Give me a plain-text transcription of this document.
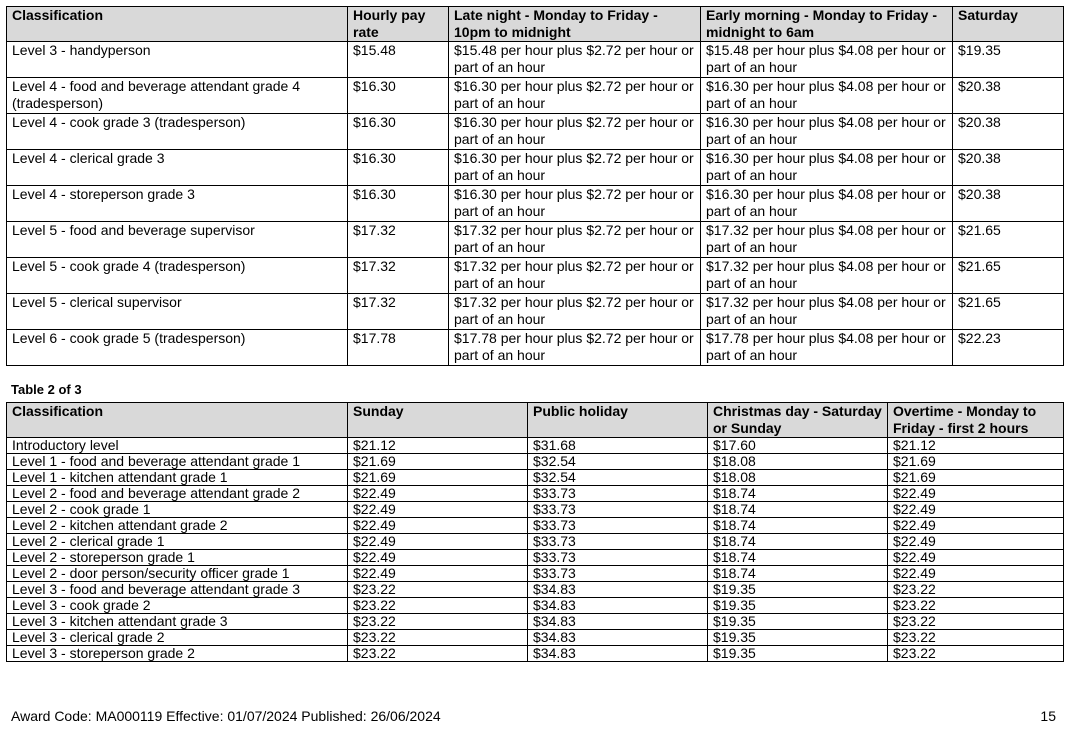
Classification	Hourly pay rate	Late night - Monday to Friday - 10pm to midnight	Early morning - Monday to Friday - midnight to 6am	Saturday
Level 3 - handyperson	$15.48	$15.48 per hour plus $2.72 per hour or part of an hour	$15.48 per hour plus $4.08 per hour or part of an hour	$19.35
Level 4 - food and beverage attendant grade 4 (tradesperson)	$16.30	$16.30 per hour plus $2.72 per hour or part of an hour	$16.30 per hour plus $4.08 per hour or part of an hour	$20.38
Level 4 - cook grade 3 (tradesperson)	$16.30	$16.30 per hour plus $2.72 per hour or part of an hour	$16.30 per hour plus $4.08 per hour or part of an hour	$20.38
Level 4 - clerical grade 3	$16.30	$16.30 per hour plus $2.72 per hour or part of an hour	$16.30 per hour plus $4.08 per hour or part of an hour	$20.38
Level 4 - storeperson grade 3	$16.30	$16.30 per hour plus $2.72 per hour or part of an hour	$16.30 per hour plus $4.08 per hour or part of an hour	$20.38
Level 5 - food and beverage supervisor	$17.32	$17.32 per hour plus $2.72 per hour or part of an hour	$17.32 per hour plus $4.08 per hour or part of an hour	$21.65
Level 5 - cook grade 4 (tradesperson)	$17.32	$17.32 per hour plus $2.72 per hour or part of an hour	$17.32 per hour plus $4.08 per hour or part of an hour	$21.65
Level 5 - clerical supervisor	$17.32	$17.32 per hour plus $2.72 per hour or part of an hour	$17.32 per hour plus $4.08 per hour or part of an hour	$21.65
Level 6 - cook grade 5 (tradesperson)	$17.78	$17.78 per hour plus $2.72 per hour or part of an hour	$17.78 per hour plus $4.08 per hour or part of an hour	$22.23
Table 2 of 3
Classification	Sunday	Public holiday	Christmas day - Saturday or Sunday	Overtime - Monday to Friday - first 2 hours
Introductory level	$21.12	$31.68	$17.60	$21.12
Level 1 - food and beverage attendant grade 1	$21.69	$32.54	$18.08	$21.69
Level 1 - kitchen attendant grade 1	$21.69	$32.54	$18.08	$21.69
Level 2 - food and beverage attendant grade 2	$22.49	$33.73	$18.74	$22.49
Level 2 - cook grade 1	$22.49	$33.73	$18.74	$22.49
Level 2 - kitchen attendant grade 2	$22.49	$33.73	$18.74	$22.49
Level 2 - clerical grade 1	$22.49	$33.73	$18.74	$22.49
Level 2 - storeperson grade 1	$22.49	$33.73	$18.74	$22.49
Level 2 - door person/security officer grade 1	$22.49	$33.73	$18.74	$22.49
Level 3 - food and beverage attendant grade 3	$23.22	$34.83	$19.35	$23.22
Level 3 - cook grade 2	$23.22	$34.83	$19.35	$23.22
Level 3 - kitchen attendant grade 3	$23.22	$34.83	$19.35	$23.22
Level 3 - clerical grade 2	$23.22	$34.83	$19.35	$23.22
Level 3 - storeperson grade 2	$23.22	$34.83	$19.35	$23.22
Award Code: MA000119 Effective: 01/07/2024 Published: 26/06/2024	15
